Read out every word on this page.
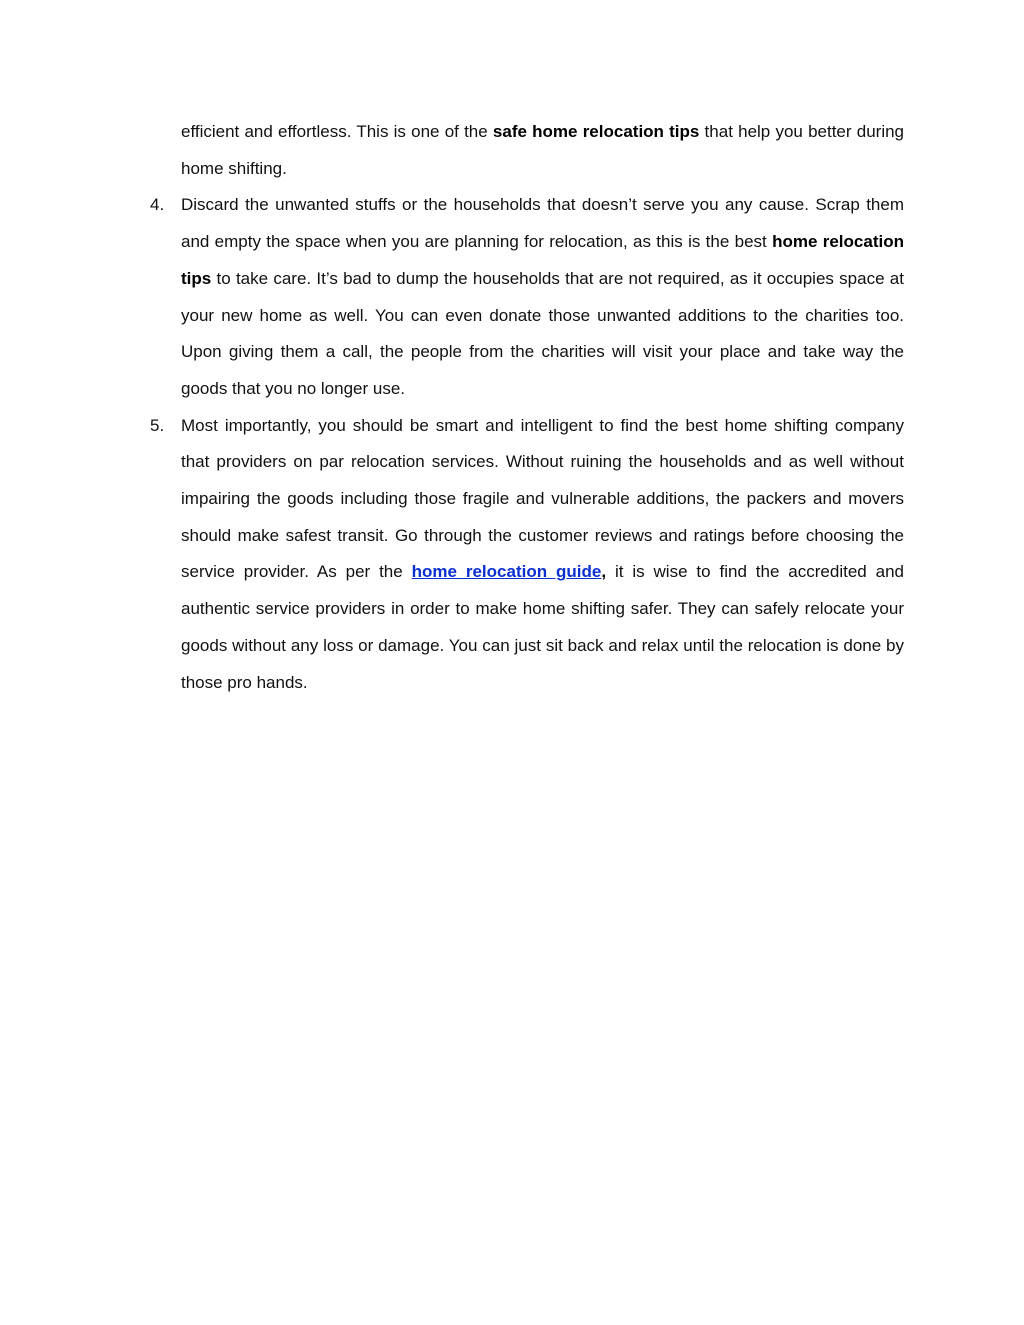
efficient and effortless. This is one of the safe home relocation tips that help you better during home shifting.

4. Discard the unwanted stuffs or the households that doesn’t serve you any cause. Scrap them and empty the space when you are planning for relocation, as this is the best home relocation tips to take care. It’s bad to dump the households that are not required, as it occupies space at your new home as well. You can even donate those unwanted additions to the charities too. Upon giving them a call, the people from the charities will visit your place and take way the goods that you no longer use.

5. Most importantly, you should be smart and intelligent to find the best home shifting company that providers on par relocation services. Without ruining the households and as well without impairing the goods including those fragile and vulnerable additions, the packers and movers should make safest transit. Go through the customer reviews and ratings before choosing the service provider. As per the home relocation guide, it is wise to find the accredited and authentic service providers in order to make home shifting safer. They can safely relocate your goods without any loss or damage. You can just sit back and relax until the relocation is done by those pro hands.
